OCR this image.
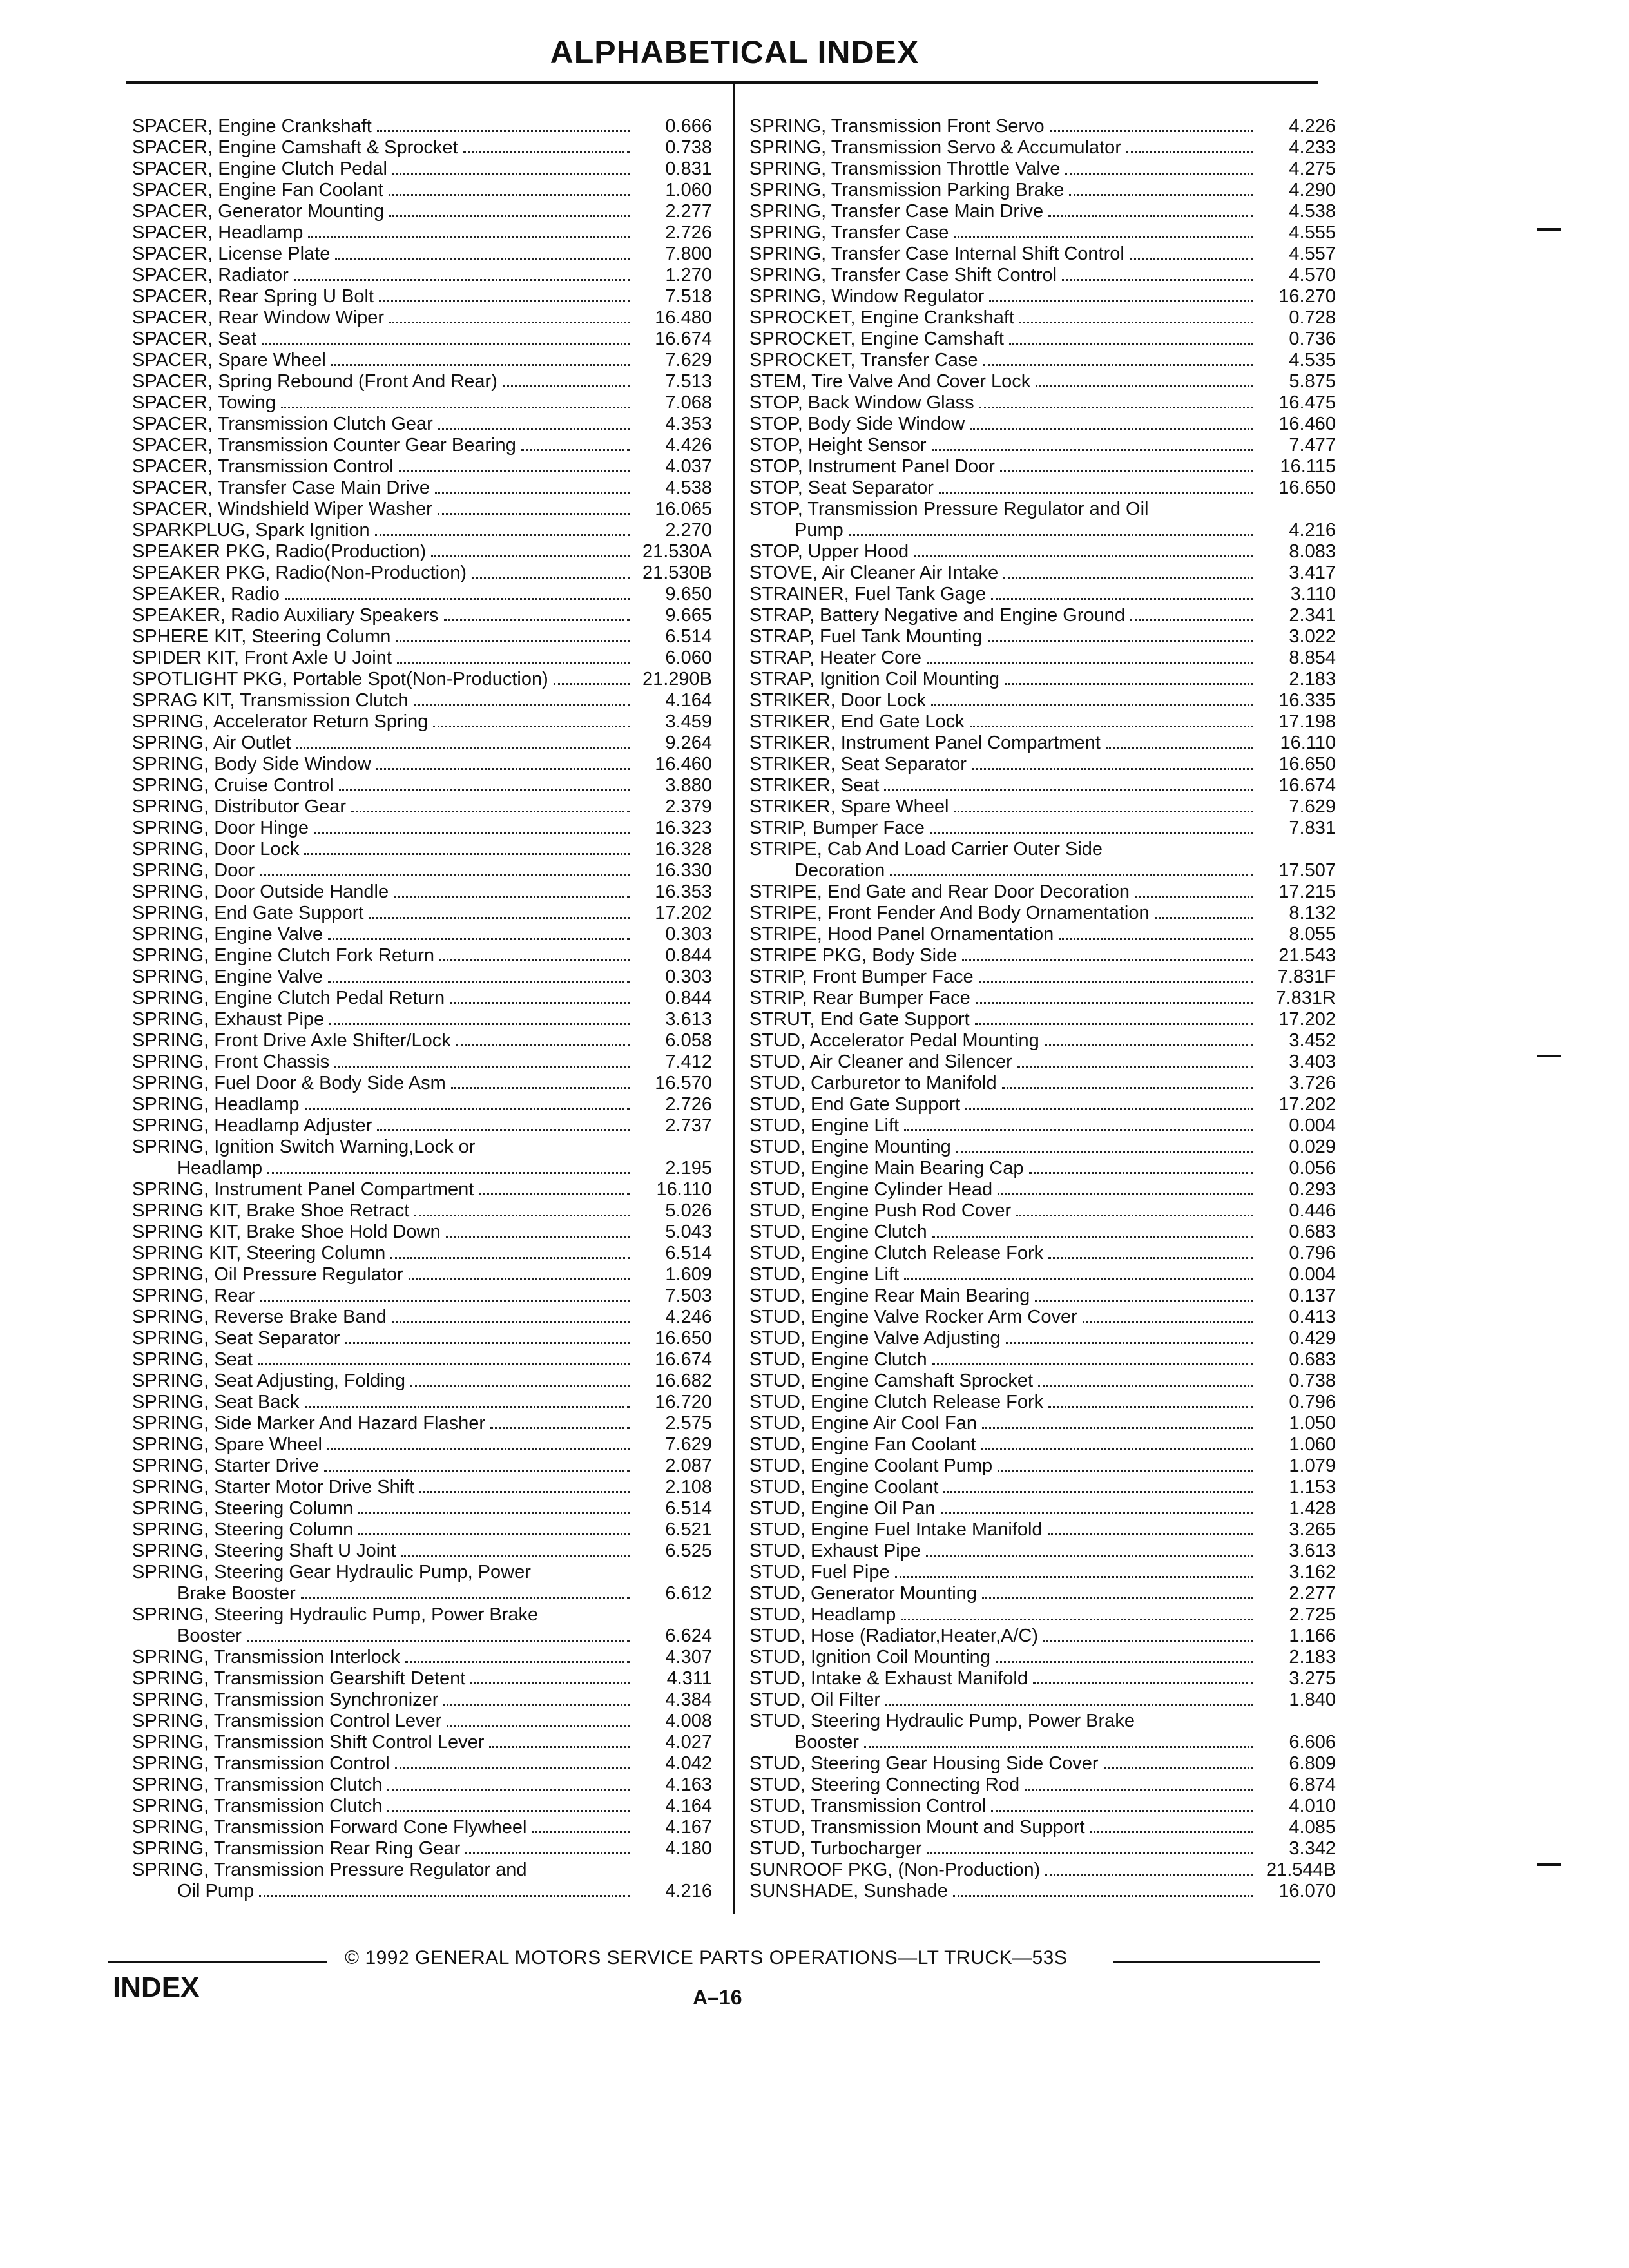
ALPHABETICAL INDEX
SPACER, Engine Crankshaft	0.666
SPACER, Engine Camshaft & Sprocket	0.738
SPACER, Engine Clutch Pedal	0.831
SPACER, Engine Fan Coolant	1.060
SPACER, Generator Mounting	2.277
SPACER, Headlamp	2.726
SPACER, License Plate	7.800
SPACER, Radiator	1.270
SPACER, Rear Spring U Bolt	7.518
SPACER, Rear Window Wiper	16.480
SPACER, Seat	16.674
SPACER, Spare Wheel	7.629
SPACER, Spring Rebound (Front And Rear)	7.513
SPACER, Towing	7.068
SPACER, Transmission Clutch Gear	4.353
SPACER, Transmission Counter Gear Bearing	4.426
SPACER, Transmission Control	4.037
SPACER, Transfer Case Main Drive	4.538
SPACER, Windshield Wiper Washer	16.065
SPARKPLUG, Spark Ignition	2.270
SPEAKER PKG, Radio(Production)	21.530A
SPEAKER PKG, Radio(Non-Production)	21.530B
SPEAKER, Radio	9.650
SPEAKER, Radio Auxiliary Speakers	9.665
SPHERE KIT, Steering Column	6.514
SPIDER KIT, Front Axle U Joint	6.060
SPOTLIGHT PKG, Portable Spot(Non-Production)	21.290B
SPRAG KIT, Transmission Clutch	4.164
SPRING, Accelerator Return Spring	3.459
SPRING, Air Outlet	9.264
SPRING, Body Side Window	16.460
SPRING, Cruise Control	3.880
SPRING, Distributor Gear	2.379
SPRING, Door Hinge	16.323
SPRING, Door Lock	16.328
SPRING, Door	16.330
SPRING, Door Outside Handle	16.353
SPRING, End Gate Support	17.202
SPRING, Engine Valve	0.303
SPRING, Engine Clutch Fork Return	0.844
SPRING, Engine Valve	0.303
SPRING, Engine Clutch Pedal Return	0.844
SPRING, Exhaust Pipe	3.613
SPRING, Front Drive Axle Shifter/Lock	6.058
SPRING, Front Chassis	7.412
SPRING, Fuel Door & Body Side Asm	16.570
SPRING, Headlamp	2.726
SPRING, Headlamp Adjuster	2.737
SPRING, Ignition Switch Warning,Lock or
Headlamp	2.195
SPRING, Instrument Panel Compartment	16.110
SPRING KIT, Brake Shoe Retract	5.026
SPRING KIT, Brake Shoe Hold Down	5.043
SPRING KIT, Steering Column	6.514
SPRING, Oil Pressure Regulator	1.609
SPRING, Rear	7.503
SPRING, Reverse Brake Band	4.246
SPRING, Seat Separator	16.650
SPRING, Seat	16.674
SPRING, Seat Adjusting, Folding	16.682
SPRING, Seat Back	16.720
SPRING, Side Marker And Hazard Flasher	2.575
SPRING, Spare Wheel	7.629
SPRING, Starter Drive	2.087
SPRING, Starter Motor Drive Shift	2.108
SPRING, Steering Column	6.514
SPRING, Steering Column	6.521
SPRING, Steering Shaft U Joint	6.525
SPRING, Steering Gear Hydraulic Pump, Power
Brake Booster	6.612
SPRING, Steering Hydraulic Pump, Power Brake
Booster	6.624
SPRING, Transmission Interlock	4.307
SPRING, Transmission Gearshift Detent	4.311
SPRING, Transmission Synchronizer	4.384
SPRING, Transmission Control Lever	4.008
SPRING, Transmission Shift Control Lever	4.027
SPRING, Transmission Control	4.042
SPRING, Transmission Clutch	4.163
SPRING, Transmission Clutch	4.164
SPRING, Transmission Forward Cone Flywheel	4.167
SPRING, Transmission Rear Ring Gear	4.180
SPRING, Transmission Pressure Regulator and
Oil Pump	4.216
SPRING, Transmission Front Servo	4.226
SPRING, Transmission Servo & Accumulator	4.233
SPRING, Transmission Throttle Valve	4.275
SPRING, Transmission Parking Brake	4.290
SPRING, Transfer Case Main Drive	4.538
SPRING, Transfer Case	4.555
SPRING, Transfer Case Internal Shift Control	4.557
SPRING, Transfer Case Shift Control	4.570
SPRING, Window Regulator	16.270
SPROCKET, Engine Crankshaft	0.728
SPROCKET, Engine Camshaft	0.736
SPROCKET, Transfer Case	4.535
STEM, Tire Valve And Cover Lock	5.875
STOP, Back Window Glass	16.475
STOP, Body Side Window	16.460
STOP, Height Sensor	7.477
STOP, Instrument Panel Door	16.115
STOP, Seat Separator	16.650
STOP, Transmission Pressure Regulator and Oil
Pump	4.216
STOP, Upper Hood	8.083
STOVE, Air Cleaner Air Intake	3.417
STRAINER, Fuel Tank Gage	3.110
STRAP, Battery Negative and Engine Ground	2.341
STRAP, Fuel Tank Mounting	3.022
STRAP, Heater Core	8.854
STRAP, Ignition Coil Mounting	2.183
STRIKER, Door Lock	16.335
STRIKER, End Gate Lock	17.198
STRIKER, Instrument Panel Compartment	16.110
STRIKER, Seat Separator	16.650
STRIKER, Seat	16.674
STRIKER, Spare Wheel	7.629
STRIP, Bumper Face	7.831
STRIPE, Cab And Load Carrier Outer Side
Decoration	17.507
STRIPE, End Gate and Rear Door Decoration	17.215
STRIPE, Front Fender And Body Ornamentation	8.132
STRIPE, Hood Panel Ornamentation	8.055
STRIPE PKG, Body Side	21.543
STRIP, Front Bumper Face	7.831F
STRIP, Rear Bumper Face	7.831R
STRUT, End Gate Support	17.202
STUD, Accelerator Pedal Mounting	3.452
STUD, Air Cleaner and Silencer	3.403
STUD, Carburetor to Manifold	3.726
STUD, End Gate Support	17.202
STUD, Engine Lift	0.004
STUD, Engine Mounting	0.029
STUD, Engine Main Bearing Cap	0.056
STUD, Engine Cylinder Head	0.293
STUD, Engine Push Rod Cover	0.446
STUD, Engine Clutch	0.683
STUD, Engine Clutch Release Fork	0.796
STUD, Engine Lift	0.004
STUD, Engine Rear Main Bearing	0.137
STUD, Engine Valve Rocker Arm Cover	0.413
STUD, Engine Valve Adjusting	0.429
STUD, Engine Clutch	0.683
STUD, Engine Camshaft Sprocket	0.738
STUD, Engine Clutch Release Fork	0.796
STUD, Engine Air Cool Fan	1.050
STUD, Engine Fan Coolant	1.060
STUD, Engine Coolant Pump	1.079
STUD, Engine Coolant	1.153
STUD, Engine Oil Pan	1.428
STUD, Engine Fuel Intake Manifold	3.265
STUD, Exhaust Pipe	3.613
STUD, Fuel Pipe	3.162
STUD, Generator Mounting	2.277
STUD, Headlamp	2.725
STUD, Hose (Radiator,Heater,A/C)	1.166
STUD, Ignition Coil Mounting	2.183
STUD, Intake & Exhaust Manifold	3.275
STUD, Oil Filter	1.840
STUD, Steering Hydraulic Pump, Power Brake
Booster	6.606
STUD, Steering Gear Housing Side Cover	6.809
STUD, Steering Connecting Rod	6.874
STUD, Transmission Control	4.010
STUD, Transmission Mount and Support	4.085
STUD, Turbocharger	3.342
SUNROOF PKG, (Non-Production)	21.544B
SUNSHADE, Sunshade	16.070
© 1992 GENERAL MOTORS SERVICE PARTS OPERATIONS—LT TRUCK—53S
INDEX	A–16
